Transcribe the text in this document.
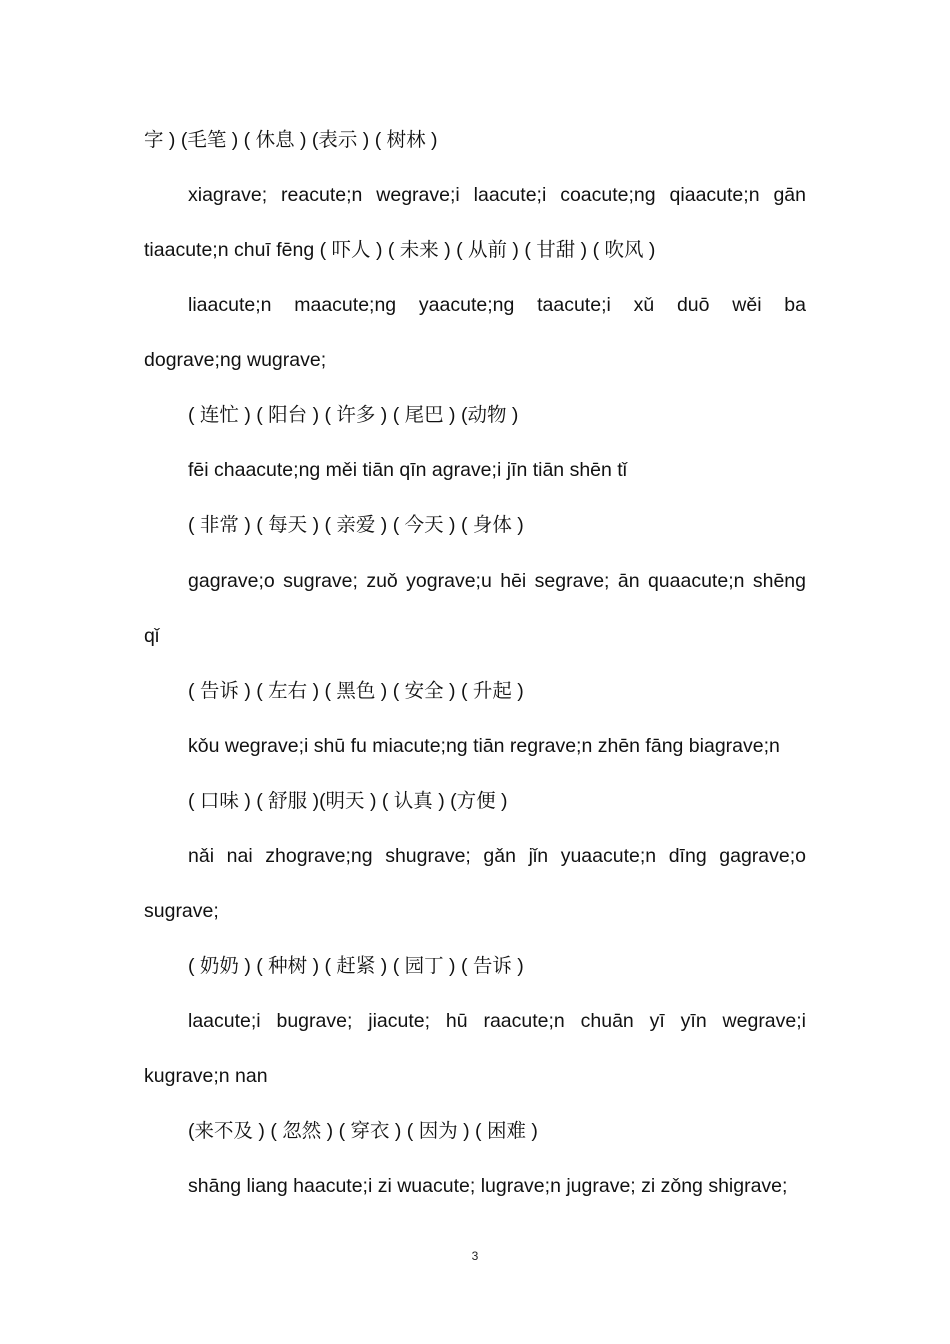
字 ) (毛笔 ) ( 休息 ) (表示 ) ( 树林 )
xiagrave; reacute;n wegrave;i laacute;i coacute;ng qiaacute;n gān
tiaacute;n chuī fēng ( 吓人 ) ( 未来 ) ( 从前 ) ( 甘甜 ) ( 吹风 )
liaacute;n maacute;ng yaacute;ng taacute;i xǔ duō wěi ba
dograve;ng wugrave;
( 连忙 ) ( 阳台 ) ( 许多 ) ( 尾巴 ) (动物 )
fēi chaacute;ng měi tiān qīn agrave;i jīn tiān shēn tǐ
( 非常 ) ( 每天 ) ( 亲爱 ) ( 今天 ) ( 身体 )
gagrave;o sugrave; zuǒ yograve;u hēi segrave; ān quaacute;n shēng
qǐ
( 告诉 ) ( 左右 ) ( 黑色 ) ( 安全 ) ( 升起 )
kǒu wegrave;i shū fu miacute;ng tiān regrave;n zhēn fāng biagrave;n
( 口味 ) ( 舒服 )(明天 ) ( 认真 ) (方便 )
nǎi nai zhograve;ng shugrave; gǎn jǐn yuaacute;n dīng gagrave;o
sugrave;
( 奶奶 ) ( 种树 ) ( 赶紧 ) ( 园丁 ) ( 告诉 )
laacute;i bugrave; jiacute; hū raacute;n chuān yī yīn wegrave;i
kugrave;n nan
(来不及 ) ( 忽然 ) ( 穿衣 ) ( 因为 ) ( 困难 )
shāng liang haacute;i zi wuacute; lugrave;n jugrave; zi zǒng shigrave;
3
